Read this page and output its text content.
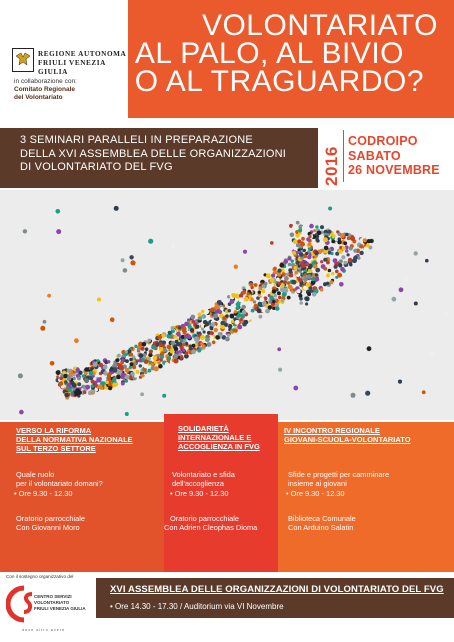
REGIONE AUTONOMA
FRIULI VENEZIA GIULIA
in collaborazione con:
Comitato Regionale
del Volontariato
VOLONTARIATO
AL PALO, AL BIVIO
O AL TRAGUARDO?
3 SEMINARI PARALLELI IN PREPARAZIONE
DELLA XVI ASSEMBLEA DELLE ORGANIZZAZIONI
DI VOLONTARIATO DEL FVG	2016
CODROIPO
SABATO
26 NOVEMBRE
VERSO LA RIFORMA
DELLA NORMATIVA NAZIONALE
SUL TERZO SETTORE
Quale ruolo
per il volontariato domani?
• Ore 9.30 - 12.30
Oratorio parrocchiale
Con Giovanni Moro
SOLIDARIETÀ
INTERNAZIONALE E
ACCOGLIENZA IN FVG
Volontariato e sfida
dell'accoglienza
• Ore 9.30 - 12.30
Oratorio parrocchiale
Con Adrien Cleophas Dioma
IV INCONTRO REGIONALE
GIOVANI-SCUOLA-VOLONTARIATO
Sfide e progetti per camminare
insieme ai giovani
• Ore 9.30 - 12.30
Biblioteca Comunale
Con Arduino Salatin
Con il sostegno organizzativo del
CENTRO SERVIZI
VOLONTARIATO
FRIULI VENEZIA GIULIA
dove altro avere
XVI ASSEMBLEA DELLE ORGANIZZAZIONI DI VOLONTARIATO DEL FVG
• Ore 14.30 - 17.30 / Auditorium via VI Novembre
